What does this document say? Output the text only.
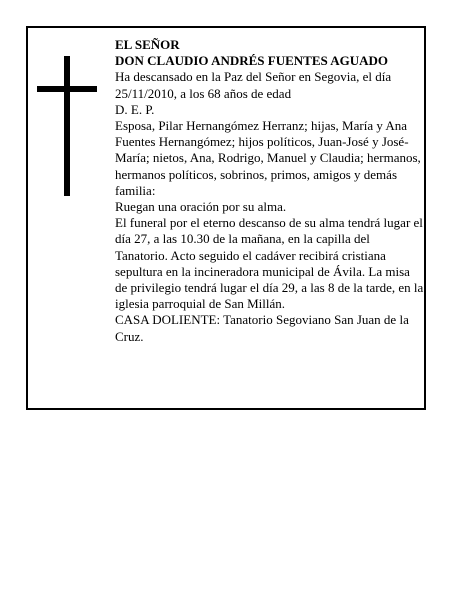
EL SEÑOR

DON CLAUDIO ANDRÉS FUENTES AGUADO

Ha descansado en la Paz del Señor en Segovia, el día 25/11/2010, a los 68 años de edad

D. E. P.

Esposa, Pilar Hernangómez Herranz; hijas, María y Ana Fuentes Hernangómez; hijos políticos, Juan-José y José-María; nietos, Ana, Rodrigo, Manuel y Claudia; hermanos, hermanos políticos, sobrinos, primos, amigos y demás familia:

Ruegan una oración por su alma.

El funeral por el eterno descanso de su alma tendrá lugar el día 27, a las 10.30 de la mañana, en la capilla del Tanatorio. Acto seguido el cadáver recibirá cristiana sepultura en la incineradora municipal de Ávila. La misa de privilegio tendrá lugar el día 29, a las 8 de la tarde, en la iglesia parroquial de San Millán.

CASA DOLIENTE: Tanatorio Segoviano San Juan de la Cruz.
